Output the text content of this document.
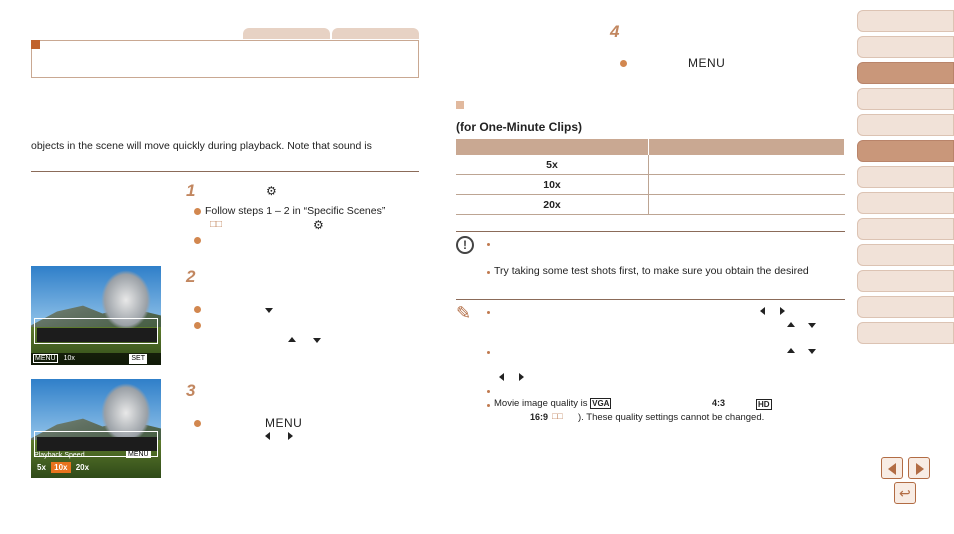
objects in the scene will move quickly during playback. Note that sound is
1	⚙
Follow steps 1 – 2 in “Specific Scenes”
□□	⚙
2
3
MENU
MENU 10x	SET
Playback Speed	MENU
5x 10x 20x
4
MENU
(for One-Minute Clips)

5x	
10x	
20x	
!
Try taking some test shots first, to make sure you obtain the desired
✎
Movie image quality is VGA	4:3	HD
16:9 □□ ). These quality settings cannot be changed.
↩
